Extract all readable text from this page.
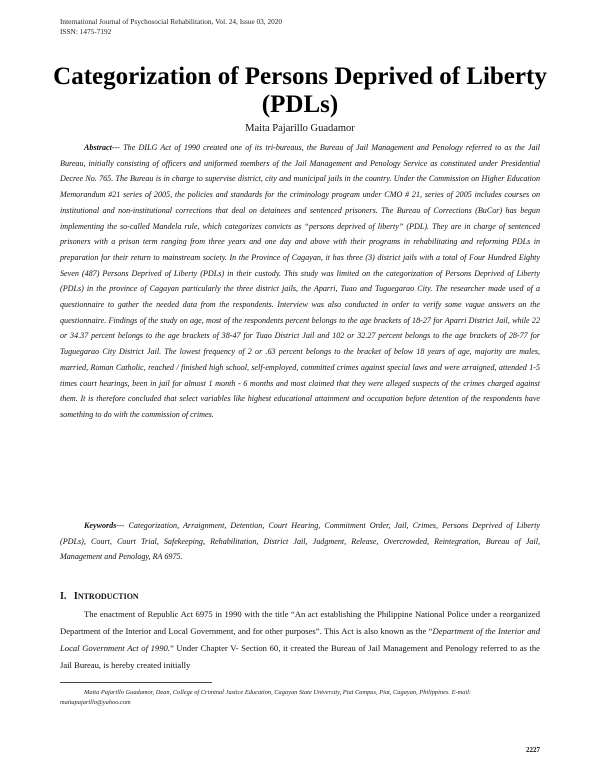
International Journal of Psychosocial Rehabilitation, Vol. 24, Issue 03, 2020
ISSN: 1475-7192
Categorization of Persons Deprived of Liberty
(PDLs)
Maita Pajarillo Guadamor

Abstract--- The DILG Act of 1990 created one of its tri-bureaus, the Bureau of Jail Management and Penology referred to as the Jail Bureau, initially consisting of officers and uniformed members of the Jail Management and Penology Service as constituted under Presidential Decree No. 765. The Bureau is in charge to supervise district, city and municipal jails in the country. Under the Commission on Higher Education Memorandum #21 series of 2005, the policies and standards for the criminology program under CMO # 21, series of 2005 includes courses on institutional and non-institutional corrections that deal on detainees and sentenced prisoners. The Bureau of Corrections (BuCor) has begun implementing the so-called Mandela rule, which categorizes convicts as “persons deprived of liberty” (PDL). They are in charge of sentenced prisoners with a prison term ranging from three years and one day and above with their programs in rehabilitating and reforming PDLs in preparation for their return to mainstream society. In the Province of Cagayan, it has three (3) district jails with a total of Four Hundred Eighty Seven (487) Persons Deprived of Liberty (PDLs) in their custody. This study was limited on the categorization of Persons Deprived of Liberty (PDLs) in the province of Cagayan particularly the three district jails, the Aparri, Tuao and Tuguegarao City. The researcher made used of a questionnaire to gather the needed data from the respondents. Interview was also conducted in order to verify some vague answers on the questionnaire. Findings of the study on age, most of the respondents percent belongs to the age brackets of 18-27 for Aparri District Jail, while 22 or 34.37 percent belongs to the age brackets of 38-47 for Tuao District Jail and 102 or 32.27 percent belongs to the age brackets of 28-77 for Tuguegarao City District Jail. The lowest frequency of 2 or .63 percent belongs to the bracket of below 18 years of age, majority are males, married, Roman Catholic, reached / finished high school, self-employed, committed crimes against special laws and were arraigned, attended 1-5 times court hearings, been in jail for almost 1 month - 6 months and most claimed that they were alleged suspects of the crimes charged against them. It is therefore concluded that select variables like highest educational attainment and occupation before detention of the respondents have something to do with the commission of crimes.

Keywords--- Categorization, Arraignment, Detention, Court Hearing, Commitment Order, Jail, Crimes, Persons Deprived of Liberty (PDLs), Court, Court Trial, Safekeeping, Rehabilitation, District Jail, Judgment, Release, Overcrowded, Reintegration, Bureau of Jail, Management and Penology, RA 6975.

I. INTRODUCTION

The enactment of Republic Act 6975 in 1990 with the title “An act establishing the Philippine National Police under a reorganized Department of the Interior and Local Government, and for other purposes”. This Act is also known as the “Department of the Interior and Local Government Act of 1990.” Under Chapter V- Section 60, it created the Bureau of Jail Management and Penology referred to as the Jail Bureau, is hereby created initially

Maita Pajarillo Guadamor, Dean, College of Criminal Justice Education, Cagayan State University, Piat Campus, Piat, Cagayan, Philippines. E-mail: maitapajarillo@yahoo.com

2227
